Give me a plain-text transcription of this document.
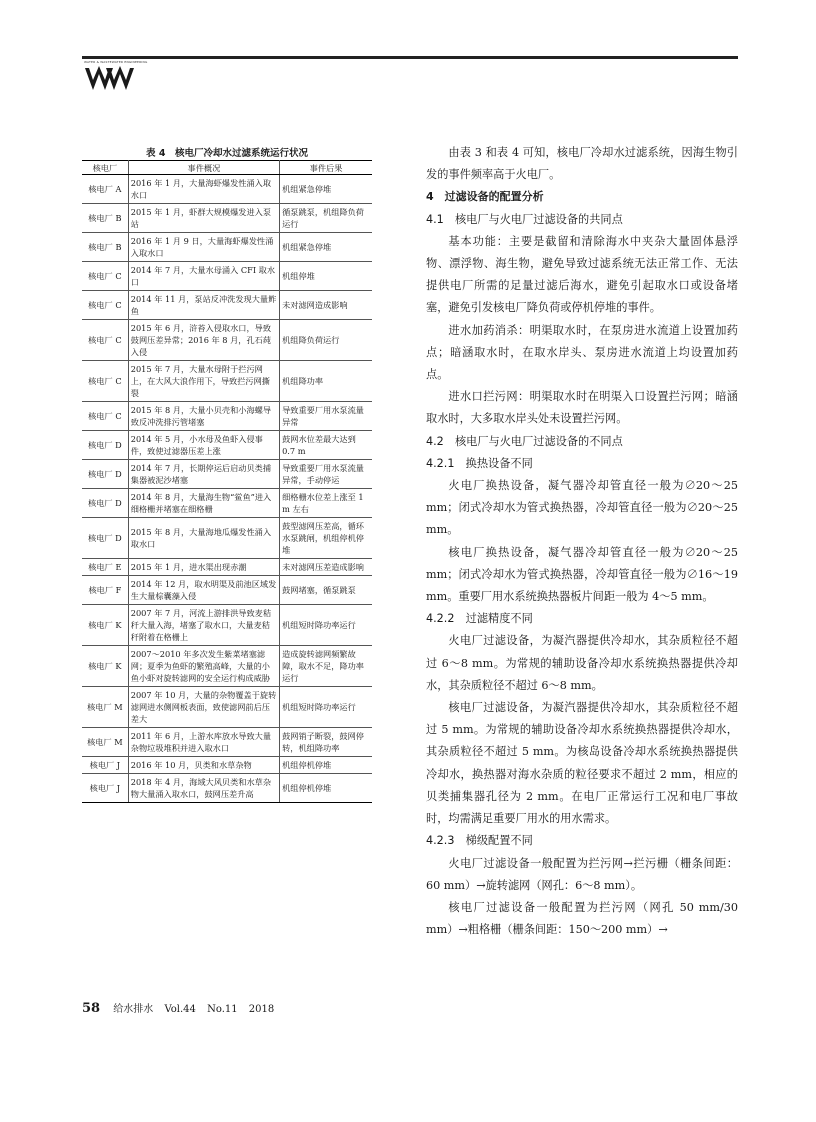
WATER & WASTEWATER ENGINEERING
表 4　核电厂冷却水过滤系统运行状况
核电厂	事件概况	事件后果
核电厂 A	2016 年 1 月，大量海虾爆发性涌入取水口	机组紧急停堆
核电厂 B	2015 年 1 月，虾群大规模爆发进入泵站	循泵跳泵，机组降负荷运行
核电厂 B	2016 年 1 月 9 日，大量海虾爆发性涌入取水口	机组紧急停堆
核电厂 C	2014 年 7 月，大量水母涌入 CFI 取水口	机组停堆
核电厂 C	2014 年 11 月，泵站反冲洗发现大量鲊鱼	未对滤网造成影响
核电厂 C	2015 年 6 月，浒苔入侵取水口，导致鼓网压差异常；2016 年 8 月，孔石莼入侵	机组降负荷运行
核电厂 C	2015 年 7 月，大量水母附于拦污网上，在大风大浪作用下，导致拦污网撕裂	机组降功率
核电厂 C	2015 年 8 月，大量小贝壳和小海螺导致反冲洗排污管堵塞	导致重要厂用水泵流量异常
核电厂 D	2014 年 5 月，小水母及鱼虾入侵事件，致使过滤器压差上涨	鼓网水位差最大达到 0.7 m
核电厂 D	2014 年 7 月，长期停运后启动贝类捕集器被泥沙堵塞	导致重要厂用水泵流量异常，手动停运
核电厂 D	2014 年 8 月，大量海生物“鲎鱼”进入细格栅并堵塞在细格栅	细格栅水位差上涨至 1 m 左右
核电厂 D	2015 年 8 月，大量海地瓜爆发性涌入取水口	鼓型滤网压差高，循环水泵跳闸，机组停机停堆
核电厂 E	2015 年 1 月，进水渠出现赤潮	未对滤网压差造成影响
核电厂 F	2014 年 12 月，取水明渠及前池区域发生大量棕囊藻入侵	鼓网堵塞，循泵跳泵
核电厂 K	2007 年 7 月，河流上游排洪导致麦秸秆大量入海，堵塞了取水口，大量麦秸秆附着在格栅上	机组短时降功率运行
核电厂 K	2007～2010 年多次发生紫菜堵塞滤网；夏季为鱼虾的繁殖高峰，大量的小鱼小虾对旋转滤网的安全运行构成威胁	造成旋转滤网频繁故障，取水不足，降功率运行
核电厂 M	2007 年 10 月，大量的杂物覆盖于旋转滤网进水侧网板表面，致使滤网前后压差大	机组短时降功率运行
核电厂 M	2011 年 6 月，上游水库放水导致大量杂物垃圾堆积并进入取水口	鼓网销子断裂，鼓网停转，机组降功率
核电厂 J	2016 年 10 月，贝类和水草杂物	机组停机停堆
核电厂 J	2018 年 4 月，海域大风贝类和水草杂物大量涌入取水口，鼓网压差升高	机组停机停堆

由表 3 和表 4 可知，核电厂冷却水过滤系统，因海生物引发的事件频率高于火电厂。

4　过滤设备的配置分析

4.1　核电厂与火电厂过滤设备的共同点

基本功能：主要是截留和清除海水中夹杂大量固体悬浮物、漂浮物、海生物，避免导致过滤系统无法正常工作、无法提供电厂所需的足量过滤后海水，避免引起取水口或设备堵塞，避免引发核电厂降负荷或停机停堆的事件。

进水加药消杀：明渠取水时，在泵房进水流道上设置加药点；暗涵取水时，在取水岸头、泵房进水流道上均设置加药点。

进水口拦污网：明渠取水时在明渠入口设置拦污网；暗涵取水时，大多取水岸头处未设置拦污网。

4.2　核电厂与火电厂过滤设备的不同点

4.2.1　换热设备不同

火电厂换热设备，凝气器冷却管直径一般为∅20～25 mm；闭式冷却水为管式换热器，冷却管直径一般为∅20～25 mm。

核电厂换热设备，凝气器冷却管直径一般为∅20～25 mm；闭式冷却水为管式换热器，冷却管直径一般为∅16～19 mm。重要厂用水系统换热器板片间距一般为 4～5 mm。

4.2.2　过滤精度不同

火电厂过滤设备，为凝汽器提供冷却水，其杂质粒径不超过 6～8 mm。为常规的辅助设备冷却水系统换热器提供冷却水，其杂质粒径不超过 6～8 mm。

核电厂过滤设备，为凝汽器提供冷却水，其杂质粒径不超过 5 mm。为常规的辅助设备冷却水系统换热器提供冷却水，其杂质粒径不超过 5 mm。为核岛设备冷却水系统换热器提供冷却水，换热器对海水杂质的粒径要求不超过 2 mm，相应的贝类捕集器孔径为 2 mm。在电厂正常运行工况和电厂事故时，均需满足重要厂用水的用水需求。

4.2.3　梯级配置不同

火电厂过滤设备一般配置为拦污网→拦污栅（栅条间距：60 mm）→旋转滤网（网孔：6～8 mm）。

核电厂过滤设备一般配置为拦污网（网孔 50 mm/30 mm）→粗格栅（栅条间距：150～200 mm）→

58 给水排水 Vol.44 No.11 2018
